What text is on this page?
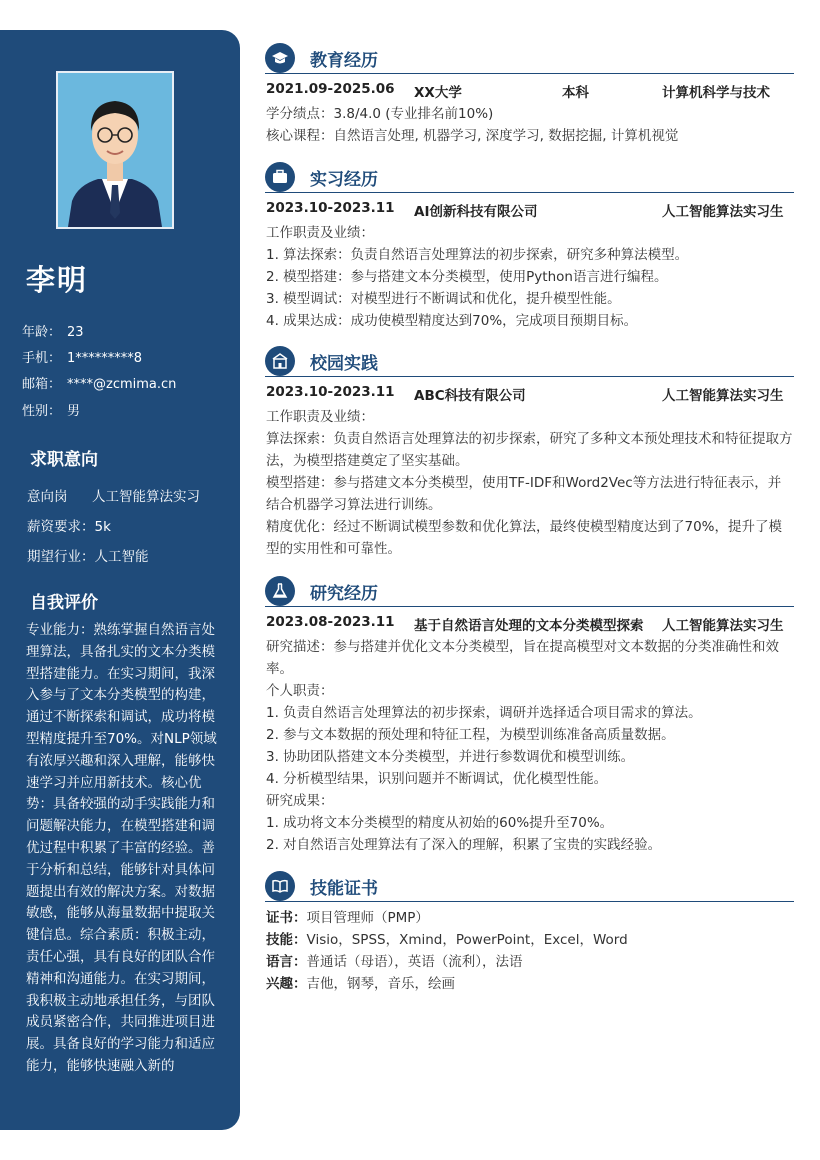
李明
年龄： 23
手机： 1*********8
邮箱： ****@zcmima.cn
性别： 男
求职意向
意向岗 人工智能算法实习
薪资要求：5k
期望行业：人工智能
自我评价
专业能力：熟练掌握自然语言处理算法，具备扎实的文本分类模型搭建能力。在实习期间，我深入参与了文本分类模型的构建，通过不断探索和调试，成功将模型精度提升至70%。对NLP领域有浓厚兴趣和深入理解，能够快速学习并应用新技术。核心优势：具备较强的动手实践能力和问题解决能力，在模型搭建和调优过程中积累了丰富的经验。善于分析和总结，能够针对具体问题提出有效的解决方案。对数据敏感，能够从海量数据中提取关键信息。综合素质：积极主动，责任心强，具有良好的团队合作精神和沟通能力。在实习期间，我积极主动地承担任务，与团队成员紧密合作，共同推进项目进展。具备良好的学习能力和适应能力，能够快速融入新的
教育经历
2021.09-2025.06 XX大学	本科	计算机科学与技术
学分绩点：3.8/4.0 (专业排名前10%)
核心课程：自然语言处理, 机器学习, 深度学习, 数据挖掘, 计算机视觉
实习经历
2023.10-2023.11 AI创新科技有限公司	人工智能算法实习生
工作职责及业绩：
1. 算法探索：负责自然语言处理算法的初步探索，研究多种算法模型。
2. 模型搭建：参与搭建文本分类模型，使用Python语言进行编程。
3. 模型调试：对模型进行不断调试和优化，提升模型性能。
4. 成果达成：成功使模型精度达到70%，完成项目预期目标。
校园实践
2023.10-2023.11 ABC科技有限公司	人工智能算法实习生
工作职责及业绩：
算法探索：负责自然语言处理算法的初步探索，研究了多种文本预处理技术和特征提取方法，为模型搭建奠定了坚实基础。
模型搭建：参与搭建文本分类模型，使用TF-IDF和Word2Vec等方法进行特征表示，并结合机器学习算法进行训练。
精度优化：经过不断调试模型参数和优化算法，最终使模型精度达到了70%，提升了模型的实用性和可靠性。
研究经历
2023.08-2023.11 基于自然语言处理的文本分类模型探索 人工智能算法实习生
研究描述：参与搭建并优化文本分类模型，旨在提高模型对文本数据的分类准确性和效率。
个人职责：
1. 负责自然语言处理算法的初步探索，调研并选择适合项目需求的算法。
2. 参与文本数据的预处理和特征工程，为模型训练准备高质量数据。
3. 协助团队搭建文本分类模型，并进行参数调优和模型训练。
4. 分析模型结果，识别问题并不断调试，优化模型性能。
研究成果：
1. 成功将文本分类模型的精度从初始的60%提升至70%。
2. 对自然语言处理算法有了深入的理解，积累了宝贵的实践经验。
技能证书
证书：项目管理师（PMP）
技能：Visio，SPSS，Xmind，PowerPoint，Excel，Word
语言：普通话（母语），英语（流利），法语
兴趣：吉他，钢琴，音乐，绘画
